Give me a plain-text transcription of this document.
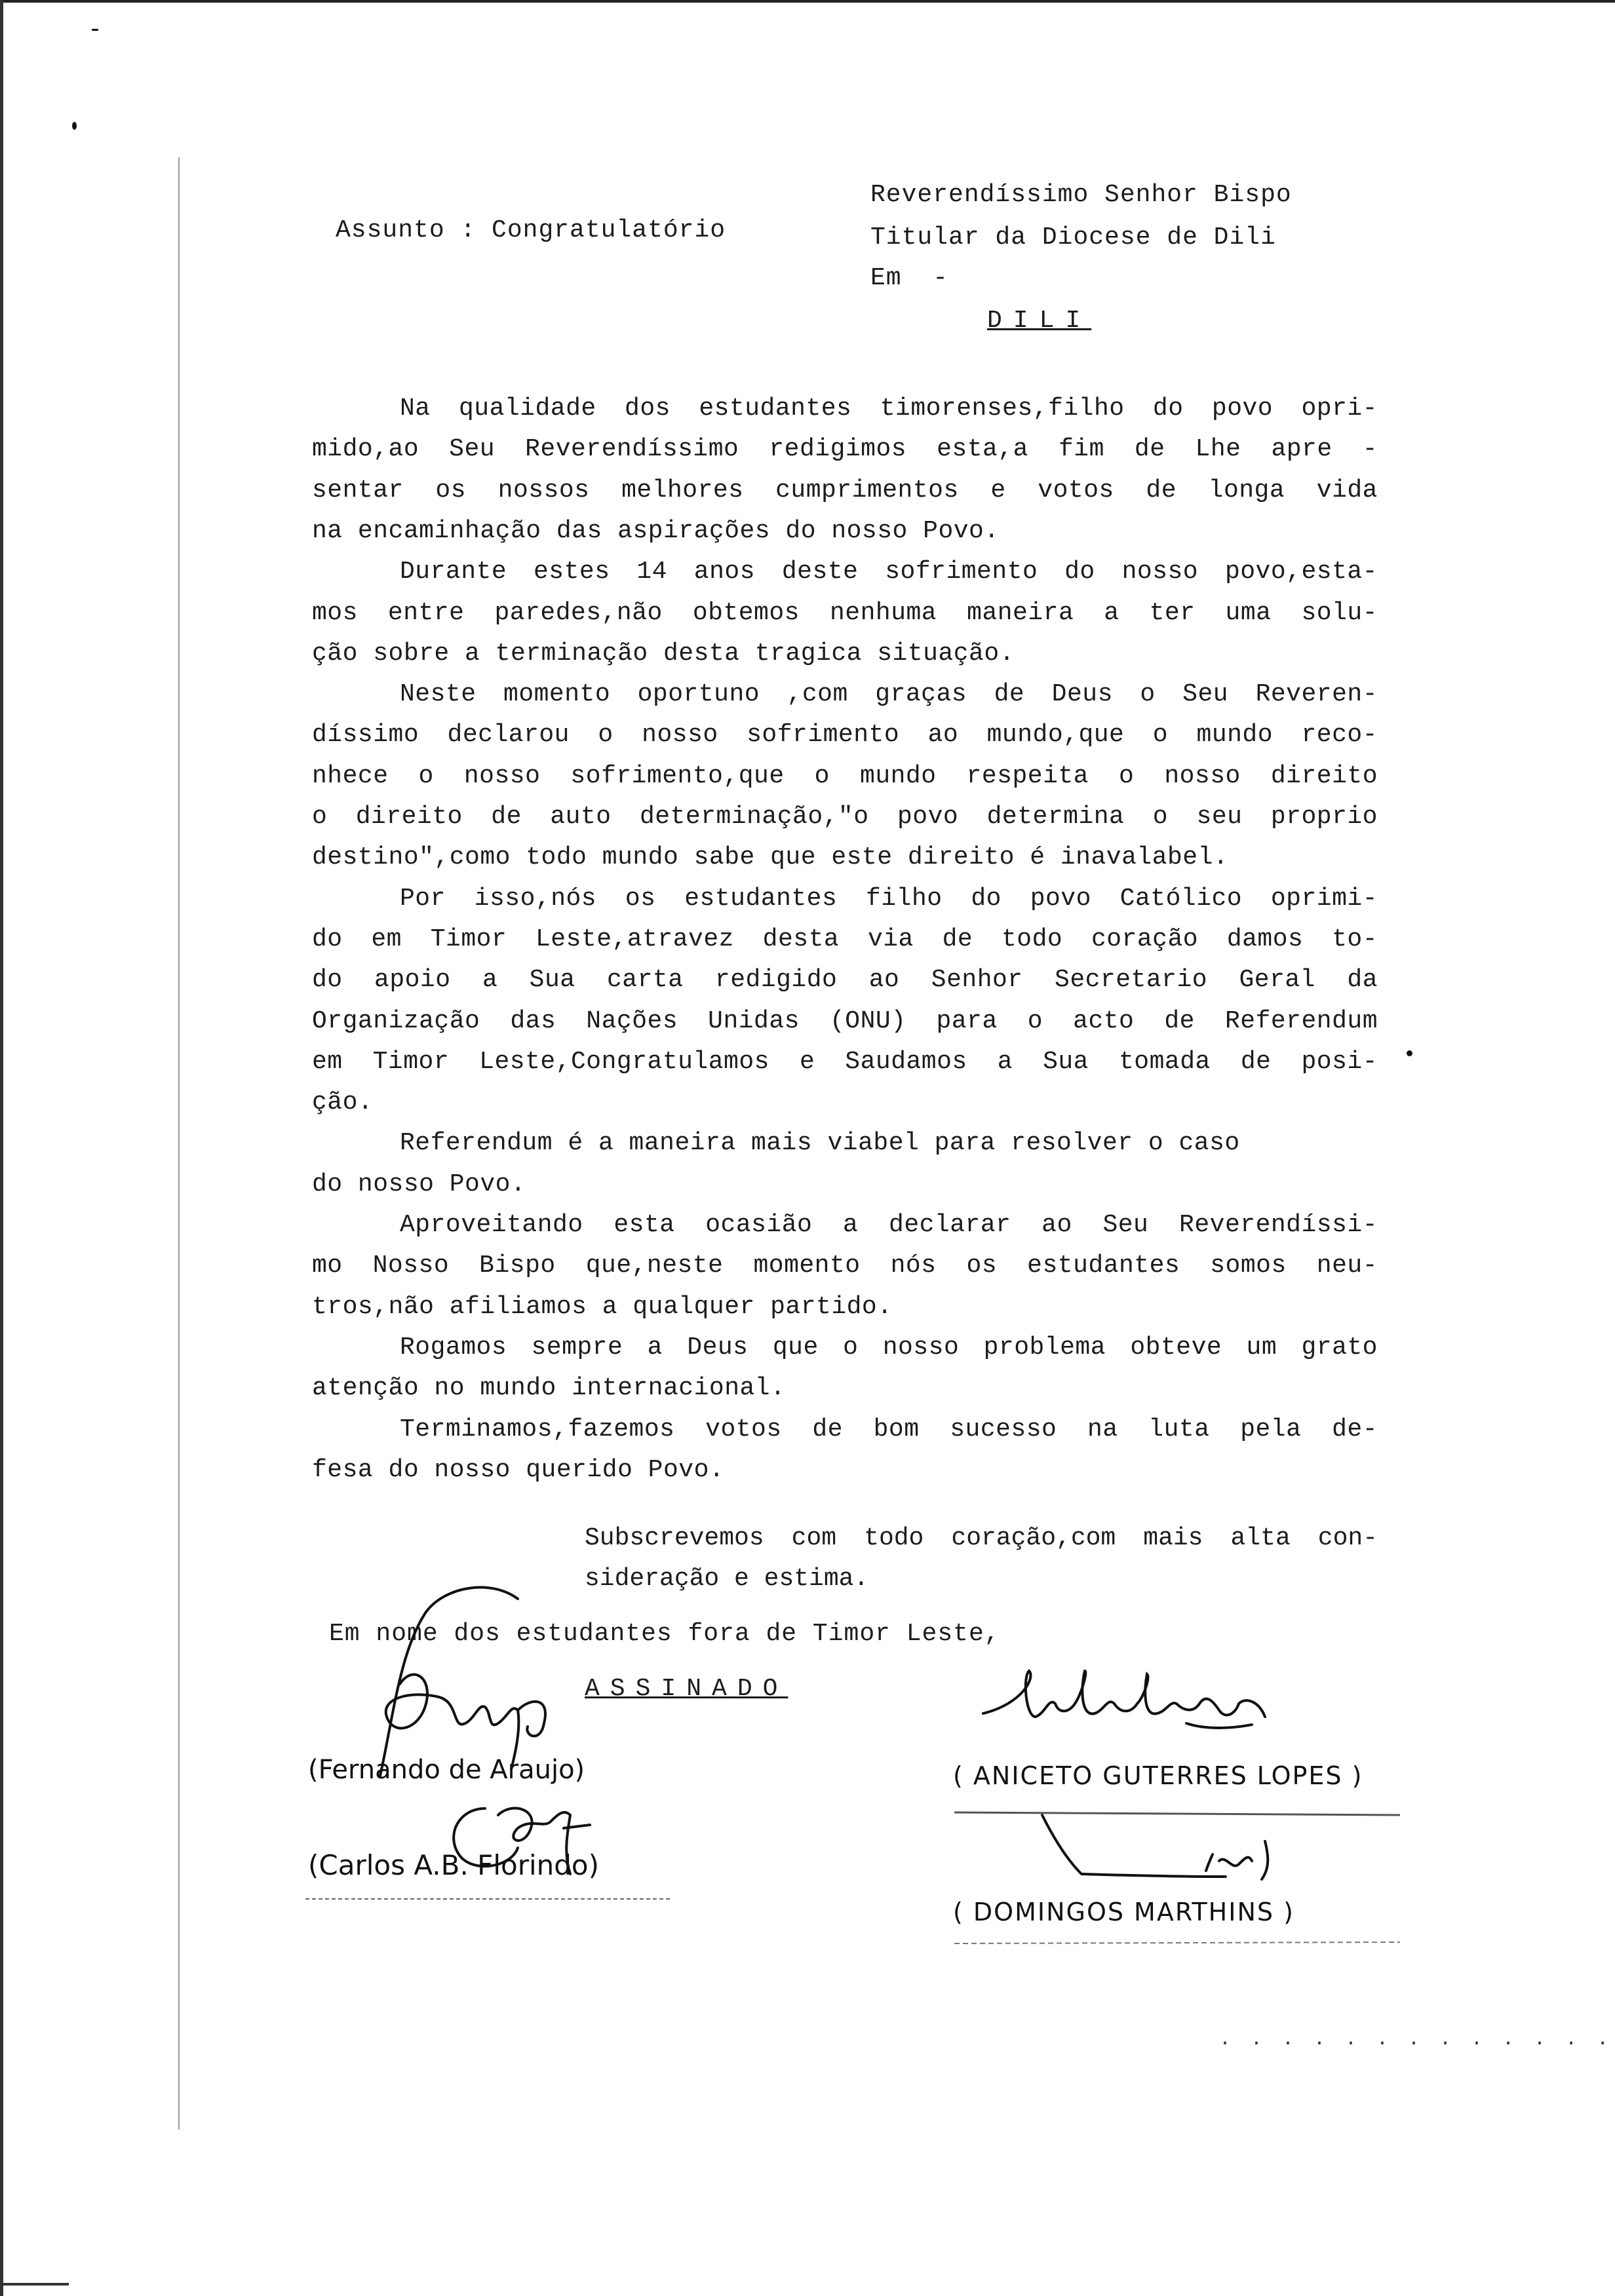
Assunto : Congratulatório
Reverendíssimo Senhor Bispo
Titular da Diocese de Dili
Em  -
DILI
Na qualidade dos estudantes timorenses,filho do povo opri-
mido,ao Seu Reverendíssimo redigimos esta,a fim de Lhe apre -
sentar os nossos melhores cumprimentos e votos de longa vida
na encaminhação das aspirações do nosso Povo.
Durante estes 14 anos deste sofrimento do nosso povo,esta-
mos entre paredes,não obtemos nenhuma maneira a ter uma solu-
ção sobre a terminação desta tragica situação.
Neste momento oportuno ,com graças de Deus o Seu Reveren-
díssimo declarou o nosso sofrimento ao mundo,que o mundo reco-
nhece o nosso sofrimento,que o mundo respeita o nosso direito
o direito de auto determinação,"o povo determina o seu proprio
destino",como todo mundo sabe que este direito é inavalabel.
Por isso,nós os estudantes filho do povo Católico oprimi-
do em Timor Leste,atravez desta via de todo coração damos to-
do apoio a Sua carta redigido ao Senhor Secretario Geral da
Organização das Nações Unidas (ONU) para o acto de Referendum
em Timor Leste,Congratulamos e Saudamos a Sua tomada de posi-
ção.
Referendum é a maneira mais viabel para resolver o caso
do nosso Povo.
Aproveitando esta ocasião a declarar ao Seu Reverendíssi-
mo Nosso Bispo que,neste momento nós os estudantes somos neu-
tros,não afiliamos a qualquer partido.
Rogamos sempre a Deus que o nosso problema obteve um grato
atenção no mundo internacional.
Terminamos,fazemos votos de bom sucesso na luta pela de-
fesa do nosso querido Povo.
Subscrevemos com todo coração,com mais alta con-
sideração e estima.
Em nome dos estudantes fora de Timor Leste,
ASSINADO
(Fernando de Araujo)
(Carlos A.B. Florindo)
( ANICETO GUTERRES LOPES )
( DOMINGOS MARTHINS )
. . . . . . . . . . . . .
